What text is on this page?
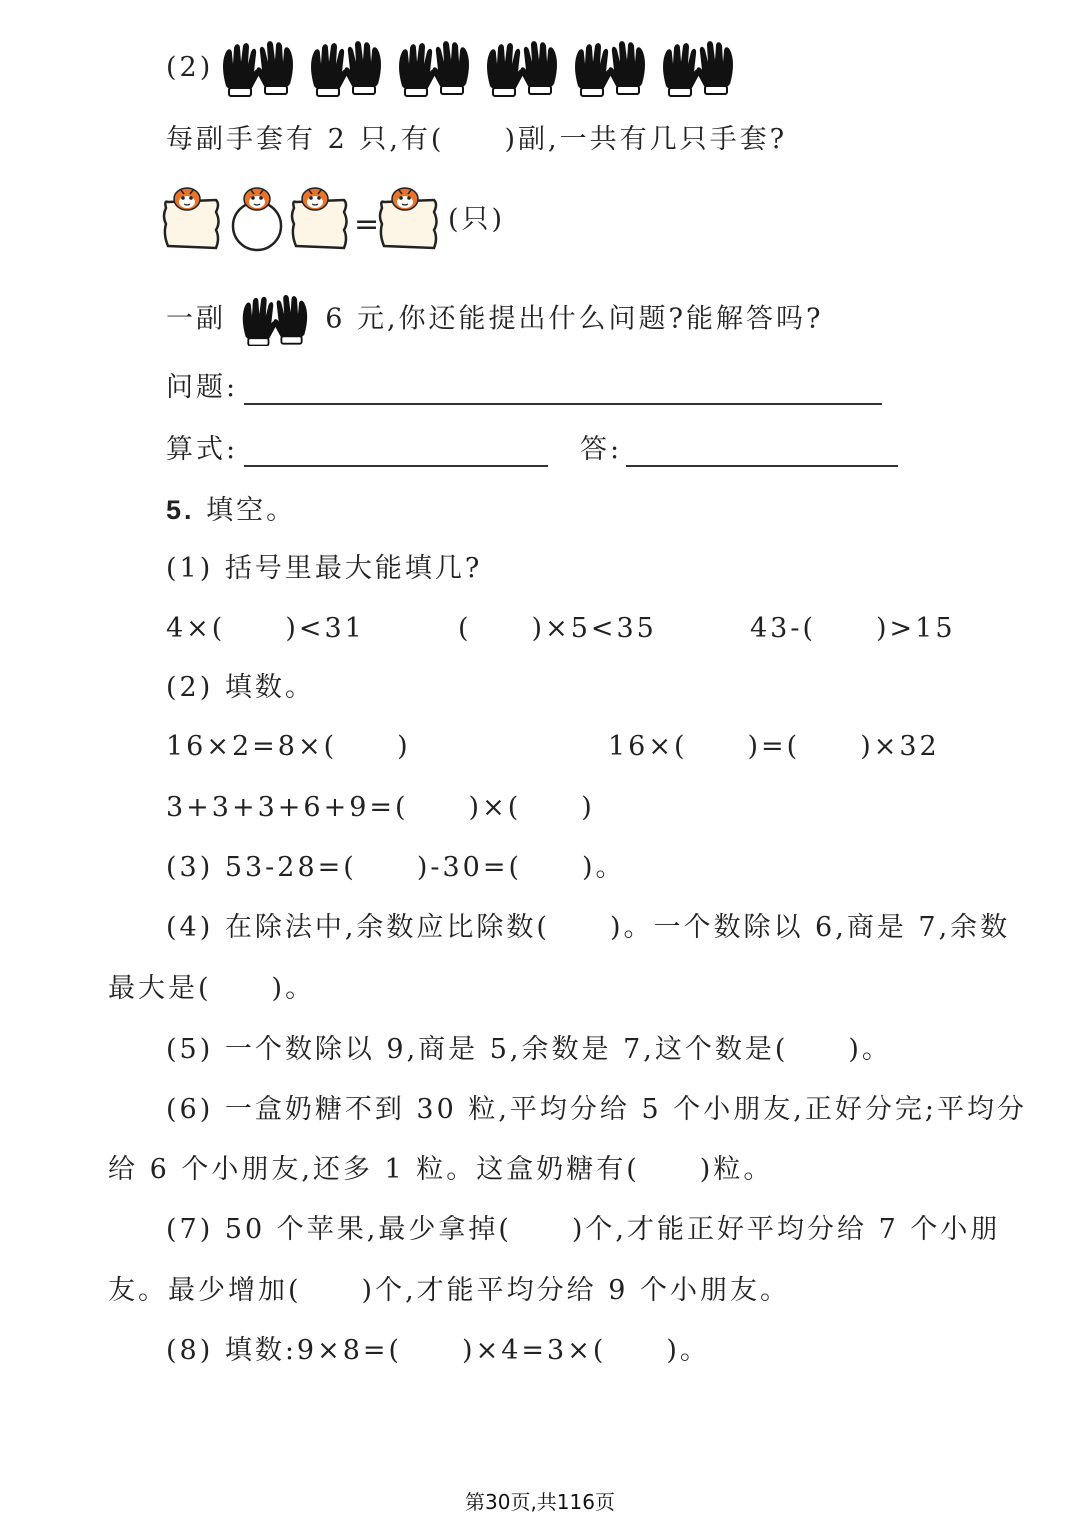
(2)
每副手套有 2 只,有(　　)副,一共有几只手套?
=	(只)
一副	6 元,你还能提出什么问题?能解答吗?
问题:
算式:	答:
5. 填空。
(1) 括号里最大能填几?
4×(　　)<31	(　　)×5<35	43-(　　)>15
(2) 填数。
16×2=8×(　　)	16×(　　)=(　　)×32
3+3+3+6+9=(　　)×(　　)
(3) 53-28=(　　)-30=(　　)。
(4) 在除法中,余数应比除数(　　)。一个数除以 6,商是 7,余数
最大是(　　)。
(5) 一个数除以 9,商是 5,余数是 7,这个数是(　　)。
(6) 一盒奶糖不到 30 粒,平均分给 5 个小朋友,正好分完;平均分
给 6 个小朋友,还多 1 粒。这盒奶糖有(　　)粒。
(7) 50 个苹果,最少拿掉(　　)个,才能正好平均分给 7 个小朋
友。最少增加(　　)个,才能平均分给 9 个小朋友。
(8) 填数:9×8=(　　)×4=3×(　　)。
第30页,共116页
